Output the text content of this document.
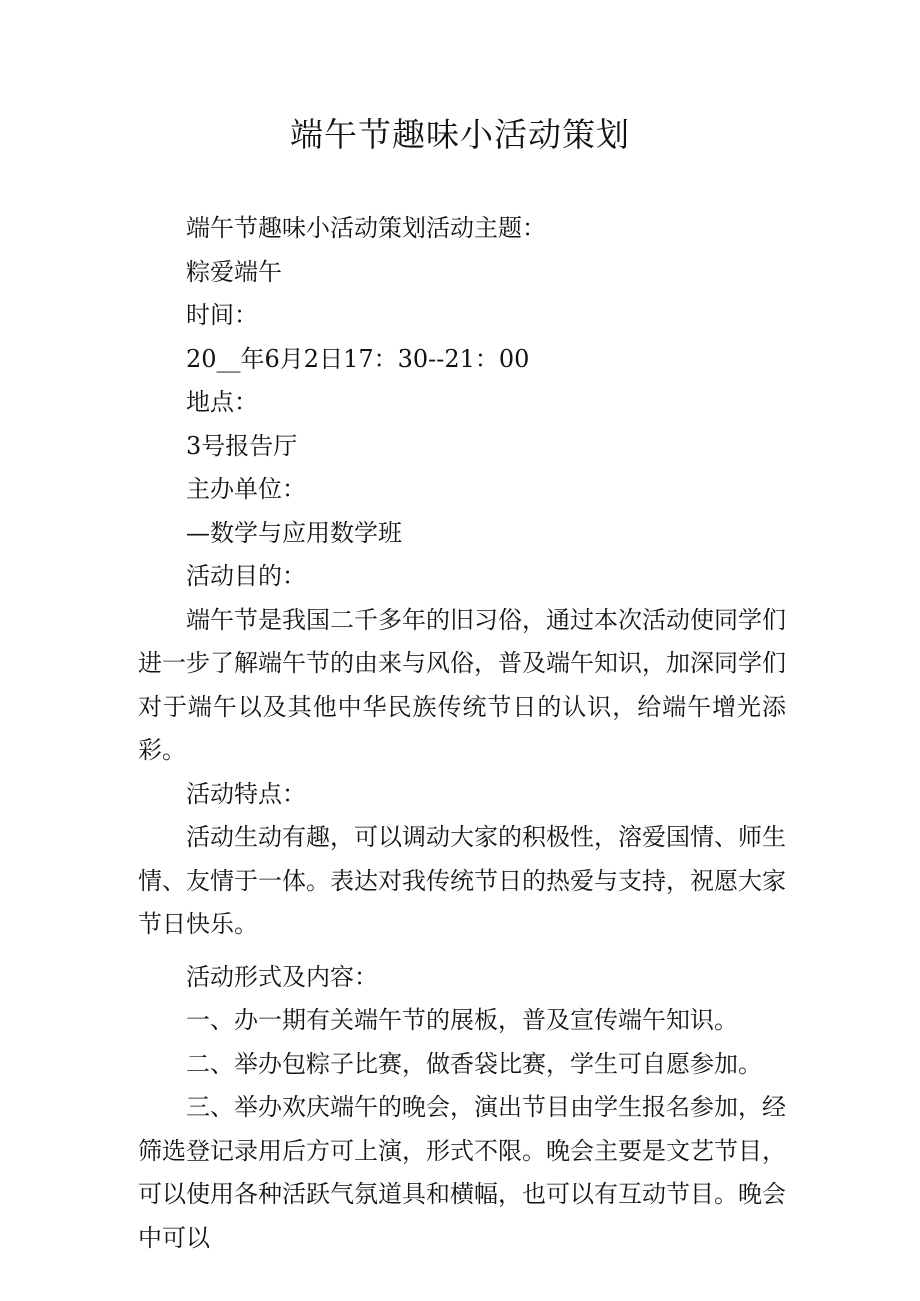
端午节趣味小活动策划

端午节趣味小活动策划活动主题：

粽爱端午

时间：

20__年6月2日17：30--21：00

地点：

3号报告厅

主办单位：

—数学与应用数学班

活动目的：

端午节是我国二千多年的旧习俗，通过本次活动使同学们进一步了解端午节的由来与风俗，普及端午知识，加深同学们对于端午以及其他中华民族传统节日的认识，给端午增光添彩。

活动特点：

活动生动有趣，可以调动大家的积极性，溶爱国情、师生情、友情于一体。表达对我传统节日的热爱与支持，祝愿大家节日快乐。

活动形式及内容：

一、办一期有关端午节的展板，普及宣传端午知识。

二、举办包粽子比赛，做香袋比赛，学生可自愿参加。

三、举办欢庆端午的晚会，演出节目由学生报名参加，经筛选登记录用后方可上演，形式不限。晚会主要是文艺节目，可以使用各种活跃气氛道具和横幅，也可以有互动节目。晚会中可以
